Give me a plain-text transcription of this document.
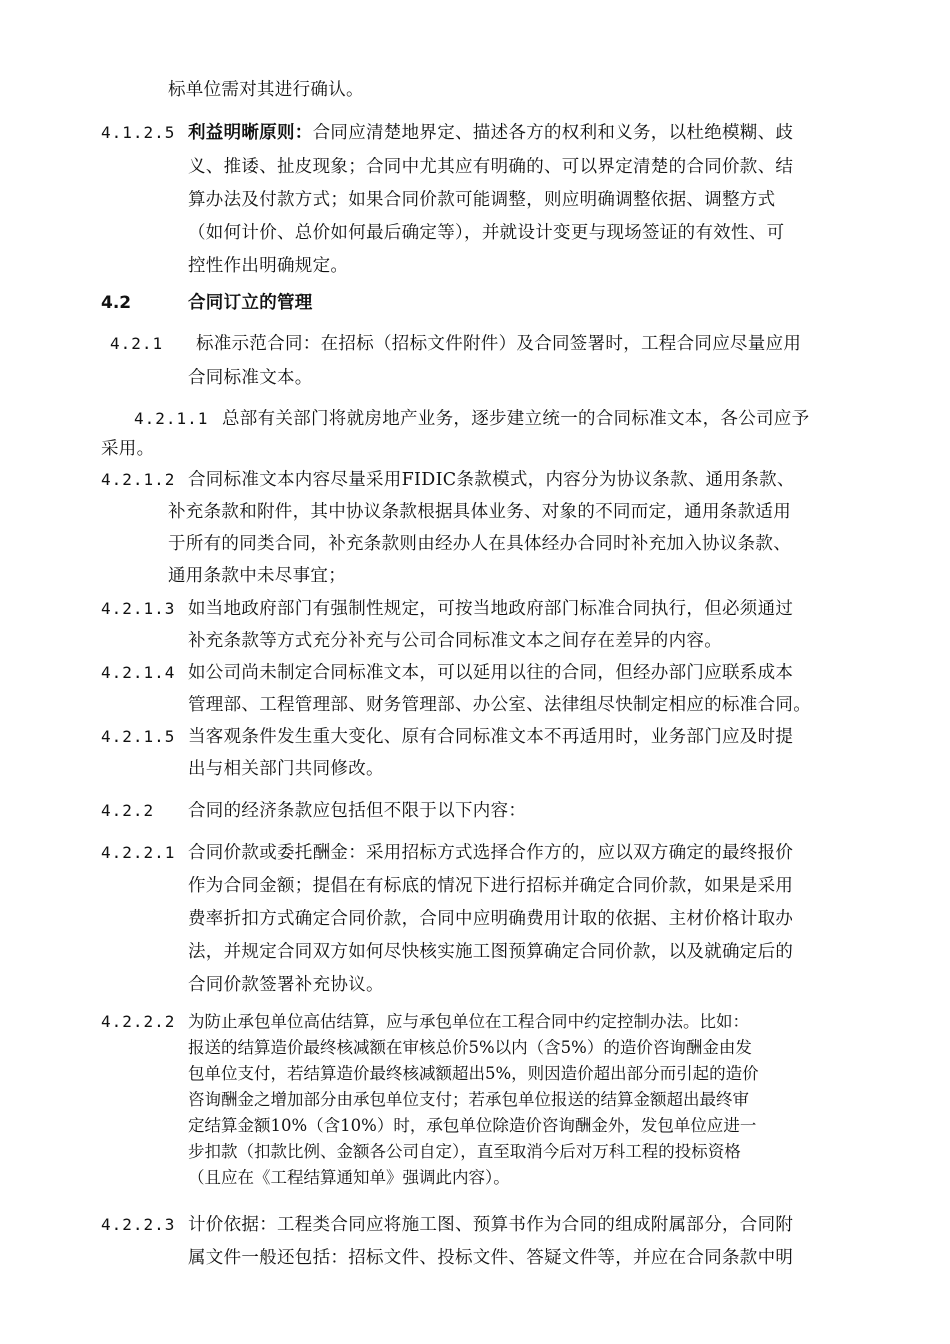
标单位需对其进行确认。
4.1.2.5 利益明晰原则：合同应清楚地界定、描述各方的权利和义务，以杜绝模糊、歧
义、推诿、扯皮现象；合同中尤其应有明确的、可以界定清楚的合同价款、结
算办法及付款方式；如果合同价款可能调整，则应明确调整依据、调整方式
（如何计价、总价如何最后确定等），并就设计变更与现场签证的有效性、可
控性作出明确规定。
4.2	合同订立的管理
4.2.1 标准示范合同：在招标（招标文件附件）及合同签署时，工程合同应尽量应用
合同标准文本。
4.2.1.1 总部有关部门将就房地产业务，逐步建立统一的合同标准文本，各公司应予
采用。
4.2.1.2 合同标准文本内容尽量采用FIDIC条款模式，内容分为协议条款、通用条款、
补充条款和附件，其中协议条款根据具体业务、对象的不同而定，通用条款适用
于所有的同类合同，补充条款则由经办人在具体经办合同时补充加入协议条款、
通用条款中未尽事宜；
4.2.1.3 如当地政府部门有强制性规定，可按当地政府部门标准合同执行，但必须通过
补充条款等方式充分补充与公司合同标准文本之间存在差异的内容。
4.2.1.4 如公司尚未制定合同标准文本，可以延用以往的合同，但经办部门应联系成本
管理部、工程管理部、财务管理部、办公室、法律组尽快制定相应的标准合同。
4.2.1.5 当客观条件发生重大变化、原有合同标准文本不再适用时，业务部门应及时提
出与相关部门共同修改。
4.2.2 合同的经济条款应包括但不限于以下内容：
4.2.2.1 合同价款或委托酬金：采用招标方式选择合作方的，应以双方确定的最终报价
作为合同金额；提倡在有标底的情况下进行招标并确定合同价款，如果是采用
费率折扣方式确定合同价款，合同中应明确费用计取的依据、主材价格计取办
法，并规定合同双方如何尽快核实施工图预算确定合同价款，以及就确定后的
合同价款签署补充协议。
4.2.2.2 为防止承包单位高估结算，应与承包单位在工程合同中约定控制办法。比如：
报送的结算造价最终核减额在审核总价5%以内（含5%）的造价咨询酬金由发
包单位支付，若结算造价最终核减额超出5%，则因造价超出部分而引起的造价
咨询酬金之增加部分由承包单位支付；若承包单位报送的结算金额超出最终审
定结算金额10%（含10%）时，承包单位除造价咨询酬金外，发包单位应进一
步扣款（扣款比例、金额各公司自定），直至取消今后对万科工程的投标资格
（且应在《工程结算通知单》强调此内容）。
4.2.2.3 计价依据：工程类合同应将施工图、预算书作为合同的组成附属部分，合同附
属文件一般还包括：招标文件、投标文件、答疑文件等，并应在合同条款中明
